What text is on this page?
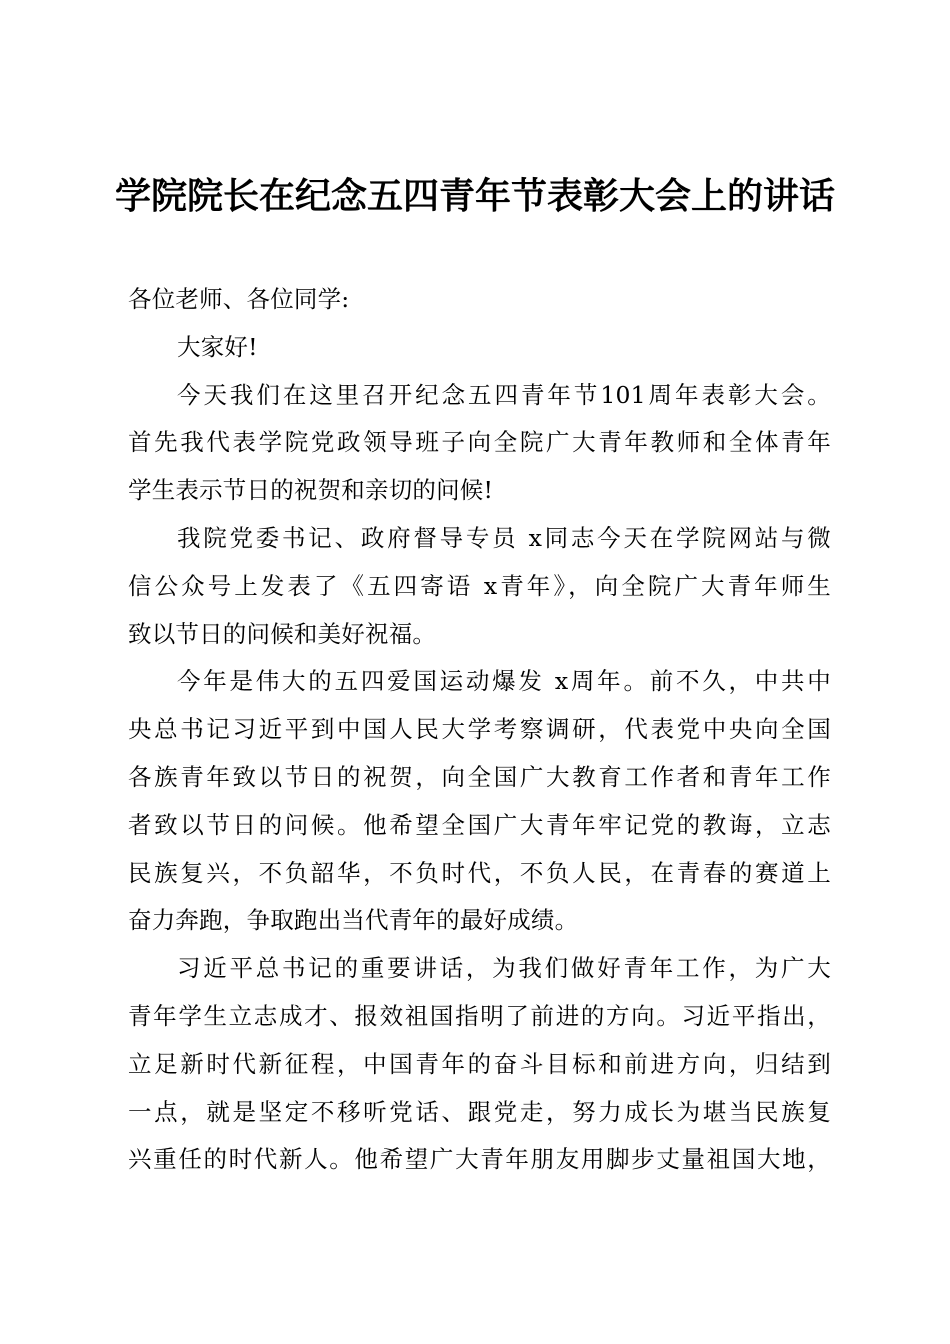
学院院长在纪念五四青年节表彰大会上的讲话
各位老师、各位同学:
大家好!
今天我们在这里召开纪念五四青年节101周年表彰大会。
首先我代表学院党政领导班子向全院广大青年教师和全体青年
学生表示节日的祝贺和亲切的问候!
我院党委书记、政府督导专员 x同志今天在学院网站与微
信公众号上发表了《五四寄语 x青年》，向全院广大青年师生
致以节日的问候和美好祝福。
今年是伟大的五四爱国运动爆发 x周年。前不久，中共中
央总书记习近平到中国人民大学考察调研，代表党中央向全国
各族青年致以节日的祝贺，向全国广大教育工作者和青年工作
者致以节日的问候。他希望全国广大青年牢记党的教诲，立志
民族复兴，不负韶华，不负时代，不负人民，在青春的赛道上
奋力奔跑，争取跑出当代青年的最好成绩。
习近平总书记的重要讲话，为我们做好青年工作，为广大
青年学生立志成才、报效祖国指明了前进的方向。习近平指出，
立足新时代新征程，中国青年的奋斗目标和前进方向，归结到
一点，就是坚定不移听党话、跟党走，努力成长为堪当民族复
兴重任的时代新人。他希望广大青年朋友用脚步丈量祖国大地，
